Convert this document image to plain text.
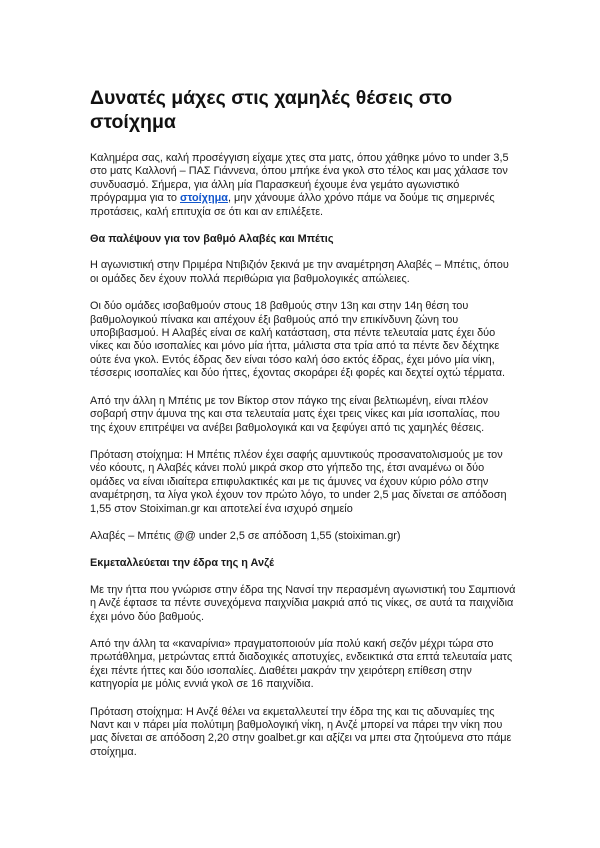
Δυνατές μάχες στις χαμηλές θέσεις στο στοίχημα

Καλημέρα σας, καλή προσέγγιση είχαμε χτες στα ματς, όπου χάθηκε μόνο το under 3,5 στο ματς Καλλονή – ΠΑΣ Γιάννενα, όπου μπήκε ένα γκολ στο τέλος και μας χάλασε τον συνδυασμό. Σήμερα, για άλλη μία Παρασκευή έχουμε ένα γεμάτο αγωνιστικό πρόγραμμα για το στοίχημα, μην χάνουμε άλλο χρόνο πάμε να δούμε τις σημερινές προτάσεις, καλή επιτυχία σε ότι και αν επιλέξετε.

Θα παλέψουν για τον βαθμό Αλαβές και Μπέτις

Η αγωνιστική στην Πριμέρα Ντιβιζιόν ξεκινά με την αναμέτρηση Αλαβές – Μπέτις, όπου οι ομάδες δεν έχουν πολλά περιθώρια για βαθμολογικές απώλειες.

Οι δύο ομάδες ισοβαθμούν στους 18 βαθμούς στην 13η και στην 14η θέση του βαθμολογικού πίνακα και απέχουν έξι βαθμούς από την επικίνδυνη ζώνη του υποβιβασμού. Η Αλαβές είναι σε καλή κατάσταση, στα πέντε τελευταία ματς έχει δύο νίκες και δύο ισοπαλίες και μόνο μία ήττα, μάλιστα στα τρία από τα πέντε δεν δέχτηκε ούτε ένα γκολ. Εντός έδρας δεν είναι τόσο καλή όσο εκτός έδρας, έχει μόνο μία νίκη, τέσσερις ισοπαλίες και δύο ήττες, έχοντας σκοράρει έξι φορές και δεχτεί οχτώ τέρματα.

Από την άλλη η Μπέτις με τον Βίκτορ στον πάγκο της είναι βελτιωμένη, είναι πλέον σοβαρή στην άμυνα της και στα τελευταία ματς έχει τρεις νίκες και μία ισοπαλίας, που της έχουν επιτρέψει να ανέβει βαθμολογικά και να ξεφύγει από τις χαμηλές θέσεις.

Πρόταση στοίχημα: Η Μπέτις πλέον έχει σαφής αμυντικούς προσανατολισμούς με τον νέο κόουτς, η Αλαβές κάνει πολύ μικρά σκορ στο γήπεδο της, έτσι αναμένω οι δύο ομάδες να είναι ιδιαίτερα επιφυλακτικές και με τις άμυνες να έχουν κύριο ρόλο στην αναμέτρηση, τα λίγα γκολ έχουν τον πρώτο λόγο, το under 2,5 μας δίνεται σε απόδοση 1,55 στον Stoiximan.gr και αποτελεί ένα ισχυρό σημείο

Αλαβές – Μπέτις @@ under 2,5 σε απόδοση 1,55 (stoiximan.gr)

Εκμεταλλεύεται την έδρα της η Ανζέ

Με την ήττα που γνώρισε στην έδρα της Νανσί την περασμένη αγωνιστική του Σαμπιονά η Ανζέ έφτασε τα πέντε συνεχόμενα παιχνίδια μακριά από τις νίκες, σε αυτά τα παιχνίδια έχει μόνο δύο βαθμούς.

Από την άλλη τα «καναρίνια» πραγματοποιούν μία πολύ κακή σεζόν μέχρι τώρα στο πρωτάθλημα, μετρώντας επτά διαδοχικές αποτυχίες, ενδεικτικά στα επτά τελευταία ματς έχει πέντε ήττες και δύο ισοπαλίες. Διαθέτει μακράν την χειρότερη επίθεση στην κατηγορία με μόλις εννιά γκολ σε 16 παιχνίδια.

Πρόταση στοίχημα: Η Ανζέ θέλει να εκμεταλλευτεί την έδρα της και τις αδυναμίες της Ναντ και ν πάρει μία πολύτιμη βαθμολογική νίκη, η Ανζέ μπορεί να πάρει την νίκη που μας δίνεται σε απόδοση 2,20 στην goalbet.gr και αξίζει να μπει στα ζητούμενα στο πάμε στοίχημα.
